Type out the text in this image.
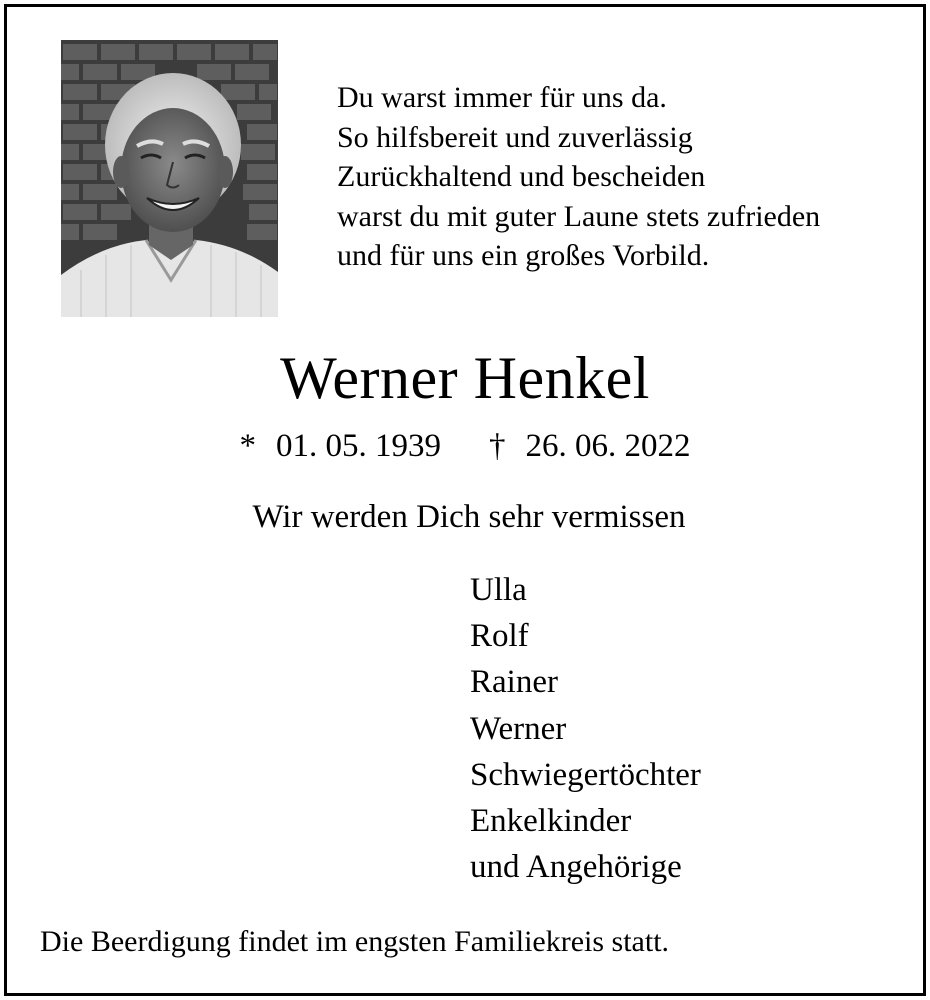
Du warst immer für uns da.
So hilfsbereit und zuverlässig
Zurückhaltend und bescheiden
warst du mit guter Laune stets zufrieden
und für uns ein großes Vorbild.
Werner Henkel
* 01. 05. 1939 † 26. 06. 2022
Wir werden Dich sehr vermissen
Ulla
Rolf
Rainer
Werner
Schwiegertöchter
Enkelkinder
und Angehörige
Die Beerdigung findet im engsten Familiekreis statt.
